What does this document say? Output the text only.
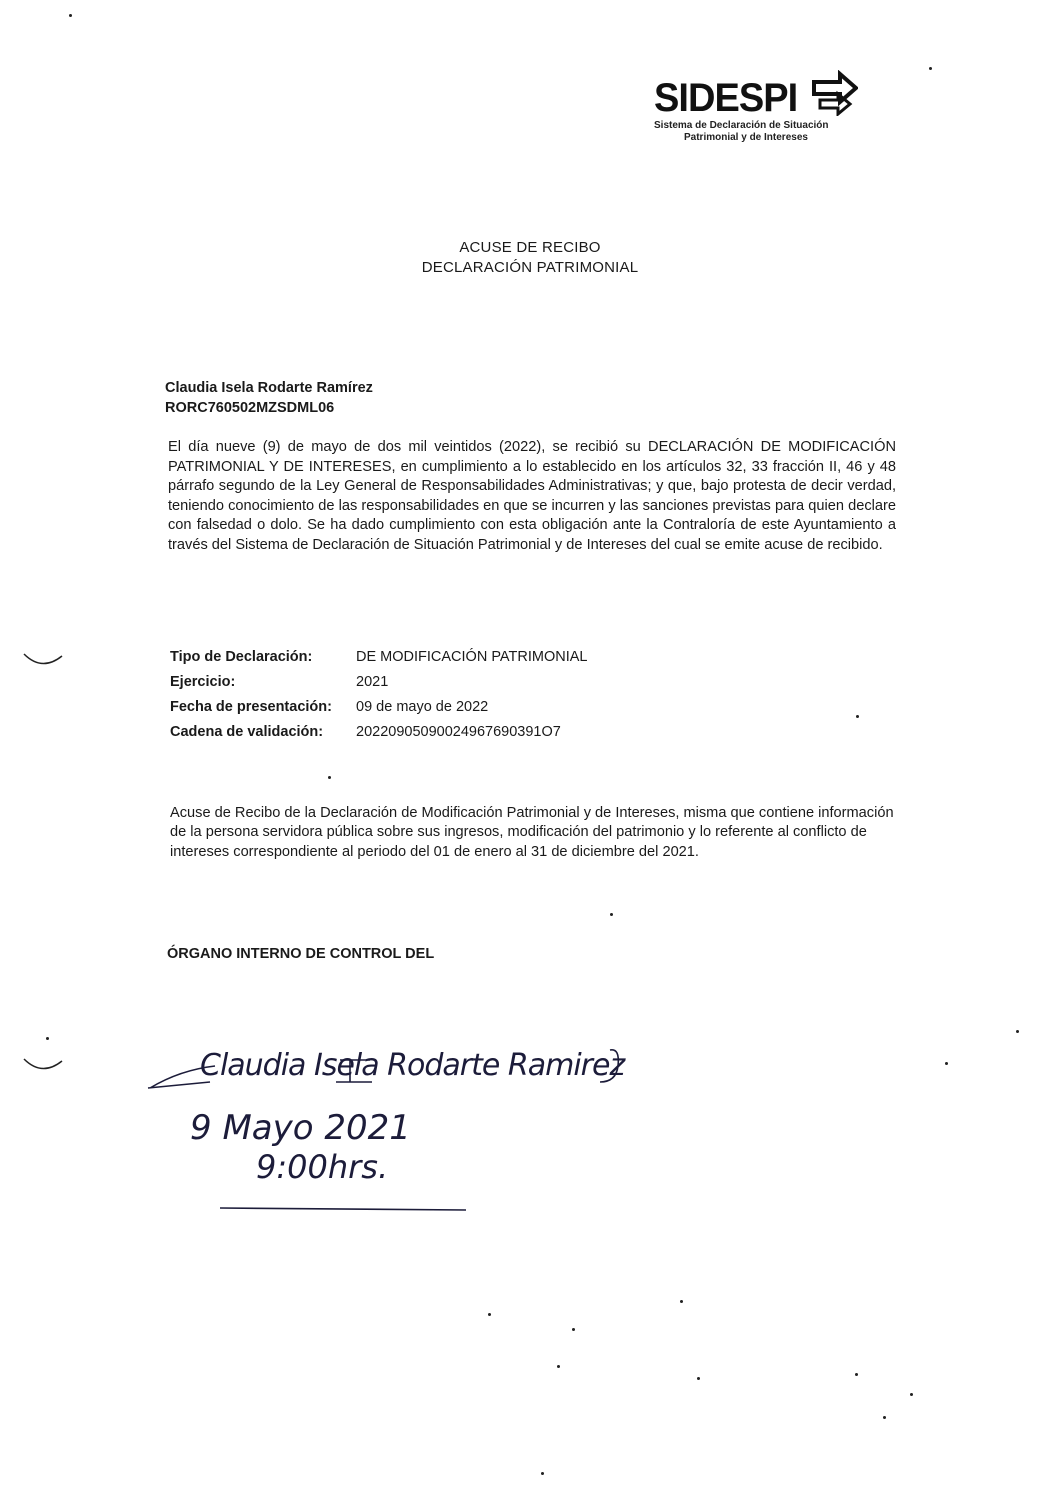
SIDESPI
Sistema de Declaración de Situación
Patrimonial y de Intereses
ACUSE DE RECIBO
DECLARACIÓN PATRIMONIAL
Claudia Isela Rodarte Ramírez
RORC760502MZSDML06
El día nueve (9) de mayo de dos mil veintidos (2022), se recibió su DECLARACIÓN DE MODIFICACIÓN PATRIMONIAL Y DE INTERESES, en cumplimiento a lo establecido en los artículos 32, 33 fracción II, 46 y 48 párrafo segundo de la Ley General de Responsabilidades Administrativas; y que, bajo protesta de decir verdad, teniendo conocimiento de las responsabilidades en que se incurren y las sanciones previstas para quien declare con falsedad o dolo. Se ha dado cumplimiento con esta obligación ante la Contraloría de este Ayuntamiento a través del Sistema de Declaración de Situación Patrimonial y de Intereses del cual se emite acuse de recibido.
Tipo de Declaración:	DE MODIFICACIÓN PATRIMONIAL
Ejercicio:	2021
Fecha de presentación:	09 de mayo de 2022
Cadena de validación:	20220905090024967690391O7
Acuse de Recibo de la Declaración de Modificación Patrimonial y de Intereses, misma que contiene información de la persona servidora pública sobre sus ingresos, modificación del patrimonio y lo referente al conflicto de intereses correspondiente al periodo del 01 de enero al 31 de diciembre del 2021.
ÓRGANO INTERNO DE CONTROL DEL
Claudia Isela Rodarte Ramirez
9 Mayo 2021
9:00hrs.
